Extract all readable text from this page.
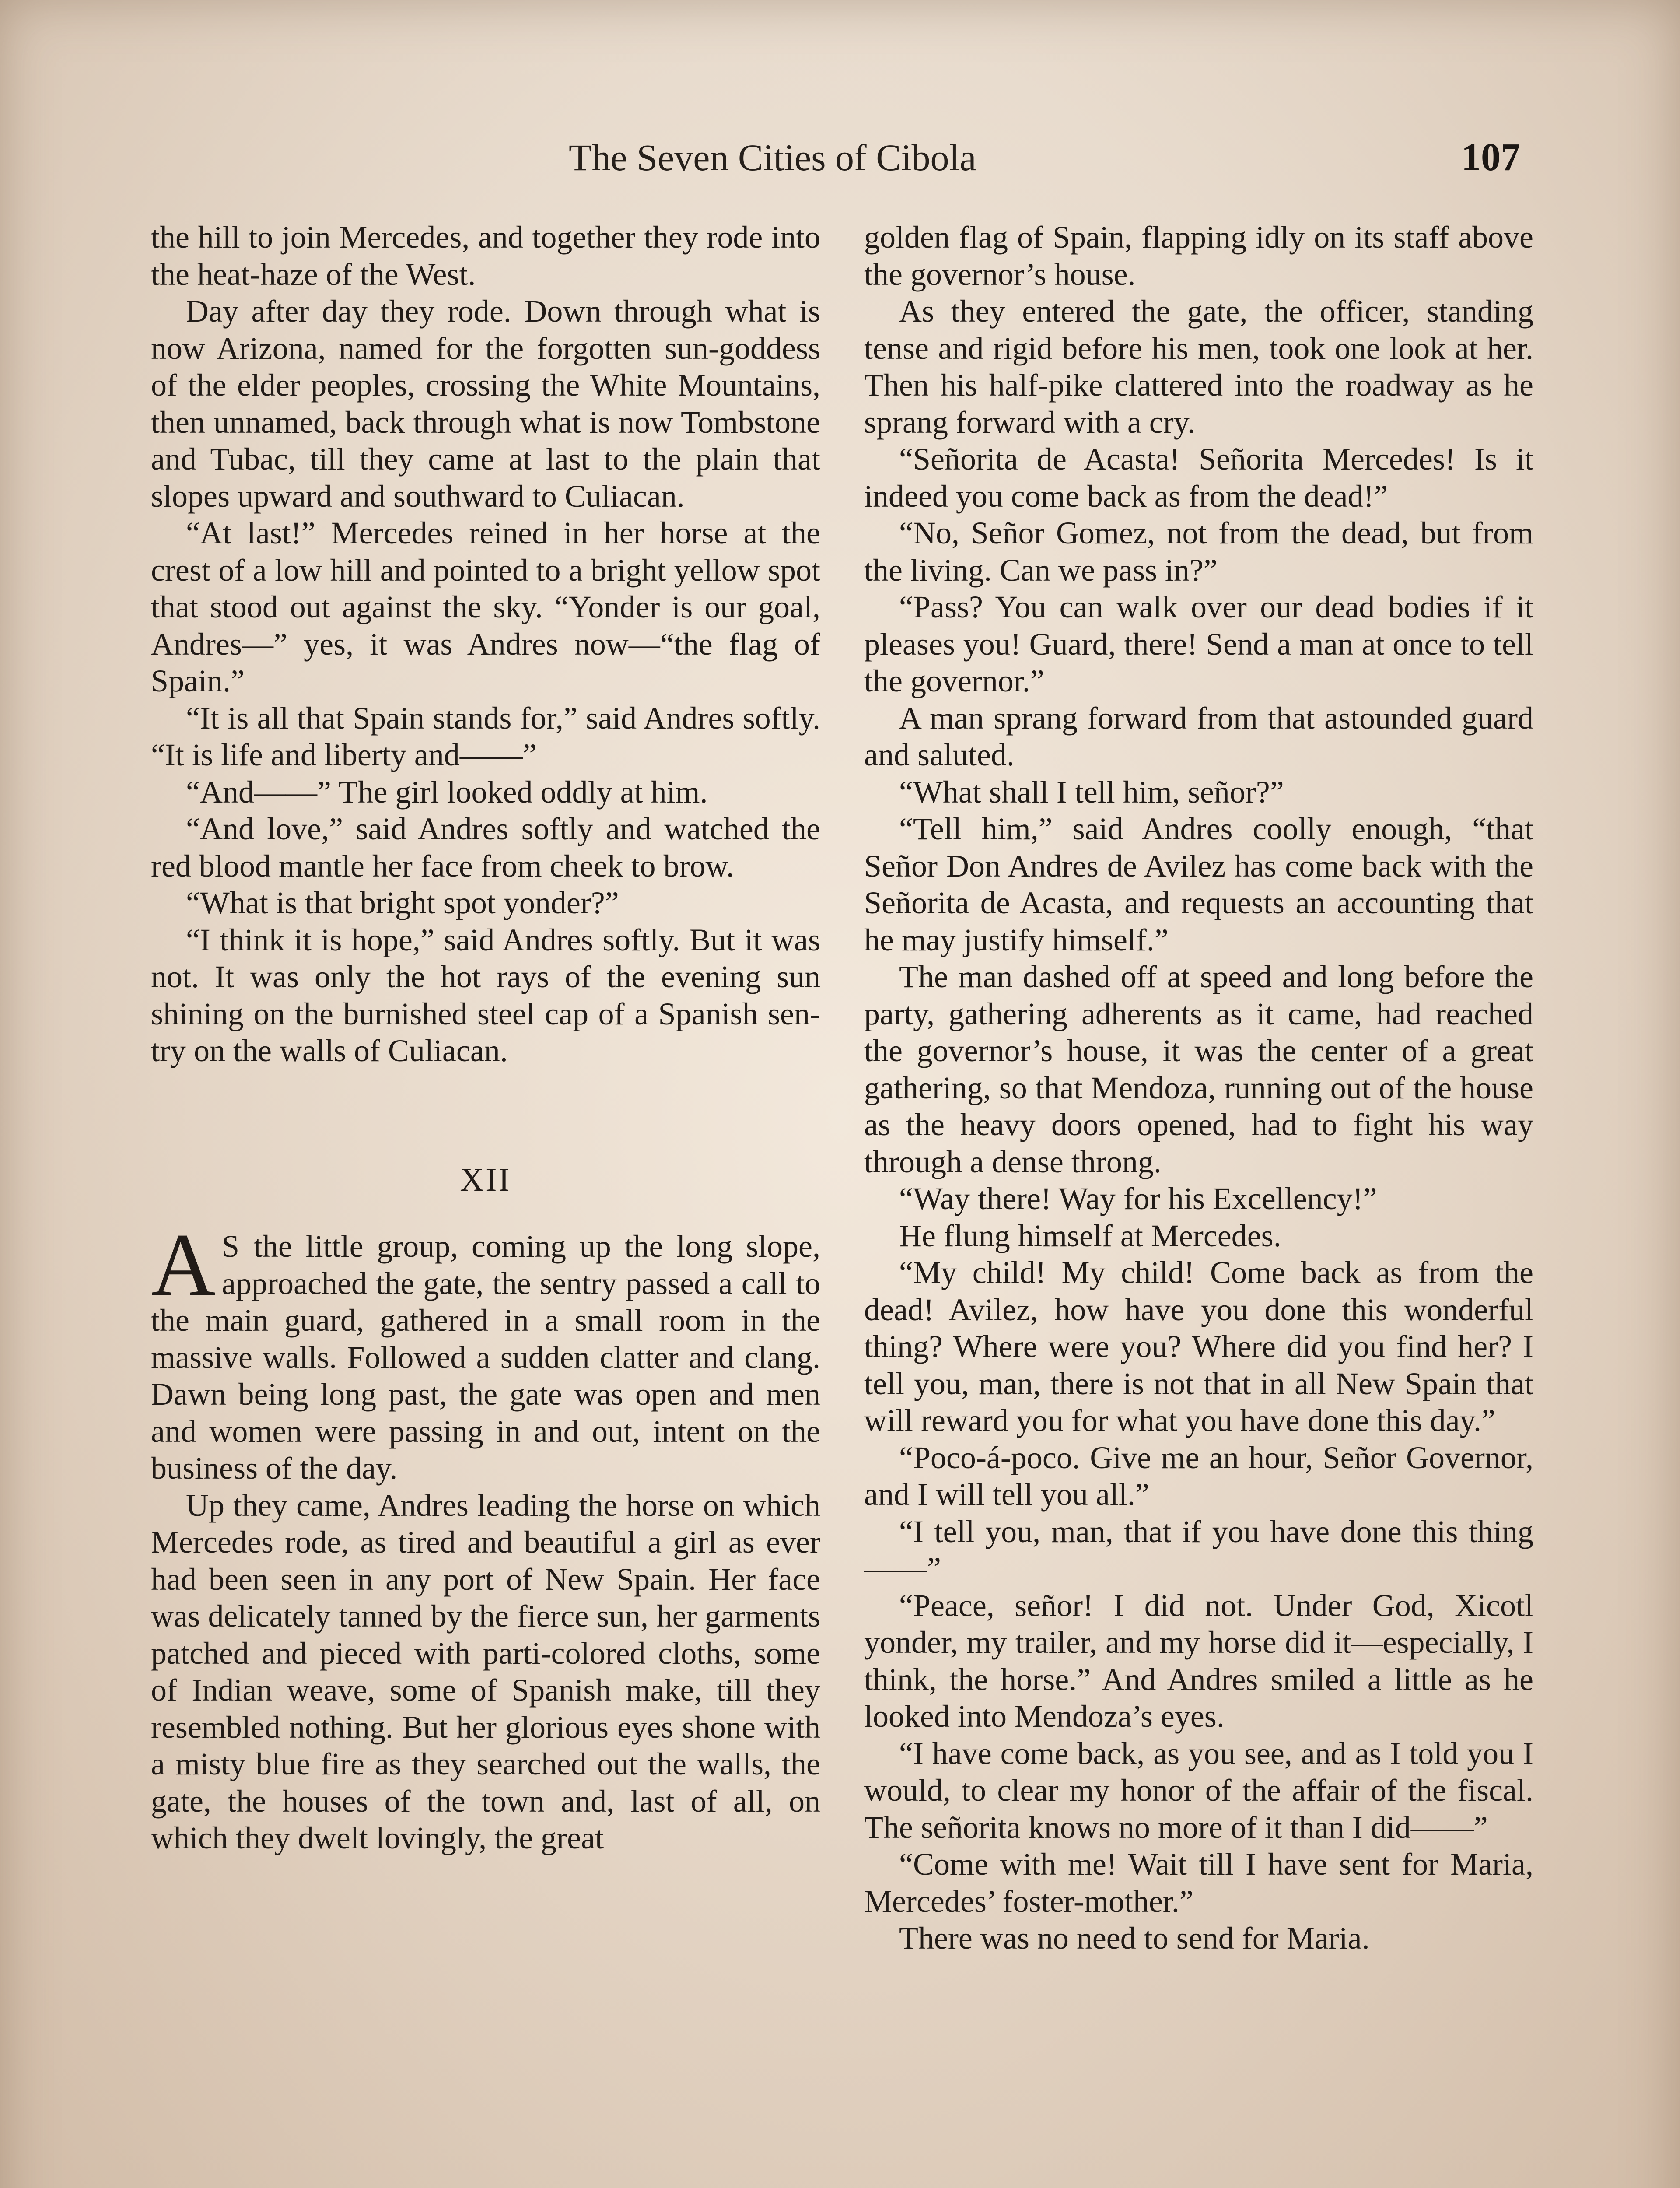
The Seven Cities of Cibola	107

the hill to join Mercedes, and together they rode into the heat-haze of the West.

Day after day they rode. Down through what is now Arizona, named for the forgotten sun-goddess of the elder peoples, crossing the White Mountains, then unnamed, back through what is now Tombstone and Tubac, till they came at last to the plain that slopes upward and southward to Culiacan.

“At last!” Mercedes reined in her horse at the crest of a low hill and pointed to a bright yellow spot that stood out against the sky. “Yonder is our goal, Andres—” yes, it was Andres now—“the flag of Spain.”

“It is all that Spain stands for,” said Andres softly. “It is life and liberty and——”

“And——” The girl looked oddly at him.

“And love,” said Andres softly and watched the red blood mantle her face from cheek to brow.

“What is that bright spot yonder?”

“I think it is hope,” said Andres softly. But it was not. It was only the hot rays of the evening sun shining on the burnished steel cap of a Spanish sentry on the walls of Culiacan.

XII

A S the little group, coming up the long slope, approached the gate, the sentry passed a call to the main guard, gathered in a small room in the massive walls. Followed a sudden clatter and clang. Dawn being long past, the gate was open and men and women were passing in and out, intent on the business of the day.

Up they came, Andres leading the horse on which Mercedes rode, as tired and beautiful a girl as ever had been seen in any port of New Spain. Her face was delicately tanned by the fierce sun, her garments patched and pieced with parti-colored cloths, some of Indian weave, some of Spanish make, till they resembled nothing. But her glorious eyes shone with a misty blue fire as they searched out the walls, the gate, the houses of the town and, last of all, on which they dwelt lovingly, the great

golden flag of Spain, flapping idly on its staff above the governor’s house.

As they entered the gate, the officer, standing tense and rigid before his men, took one look at her. Then his half-pike clattered into the roadway as he sprang forward with a cry.

“Señorita de Acasta! Señorita Mercedes! Is it indeed you come back as from the dead!”

“No, Señor Gomez, not from the dead, but from the living. Can we pass in?”

“Pass? You can walk over our dead bodies if it pleases you! Guard, there! Send a man at once to tell the governor.”

A man sprang forward from that astounded guard and saluted.

“What shall I tell him, señor?”

“Tell him,” said Andres coolly enough, “that Señor Don Andres de Avilez has come back with the Señorita de Acasta, and requests an accounting that he may justify himself.”

The man dashed off at speed and long before the party, gathering adherents as it came, had reached the governor’s house, it was the center of a great gathering, so that Mendoza, running out of the house as the heavy doors opened, had to fight his way through a dense throng.

“Way there! Way for his Excellency!”

He flung himself at Mercedes.

“My child! My child! Come back as from the dead! Avilez, how have you done this wonderful thing? Where were you? Where did you find her? I tell you, man, there is not that in all New Spain that will reward you for what you have done this day.”

“Poco-á-poco. Give me an hour, Señor Governor, and I will tell you all.”

“I tell you, man, that if you have done this thing——”

“Peace, señor! I did not. Under God, Xicotl yonder, my trailer, and my horse did it—especially, I think, the horse.” And Andres smiled a little as he looked into Mendoza’s eyes.

“I have come back, as you see, and as I told you I would, to clear my honor of the affair of the fiscal. The señorita knows no more of it than I did——”

“Come with me! Wait till I have sent for Maria, Mercedes’ foster-mother.”

There was no need to send for Maria.
